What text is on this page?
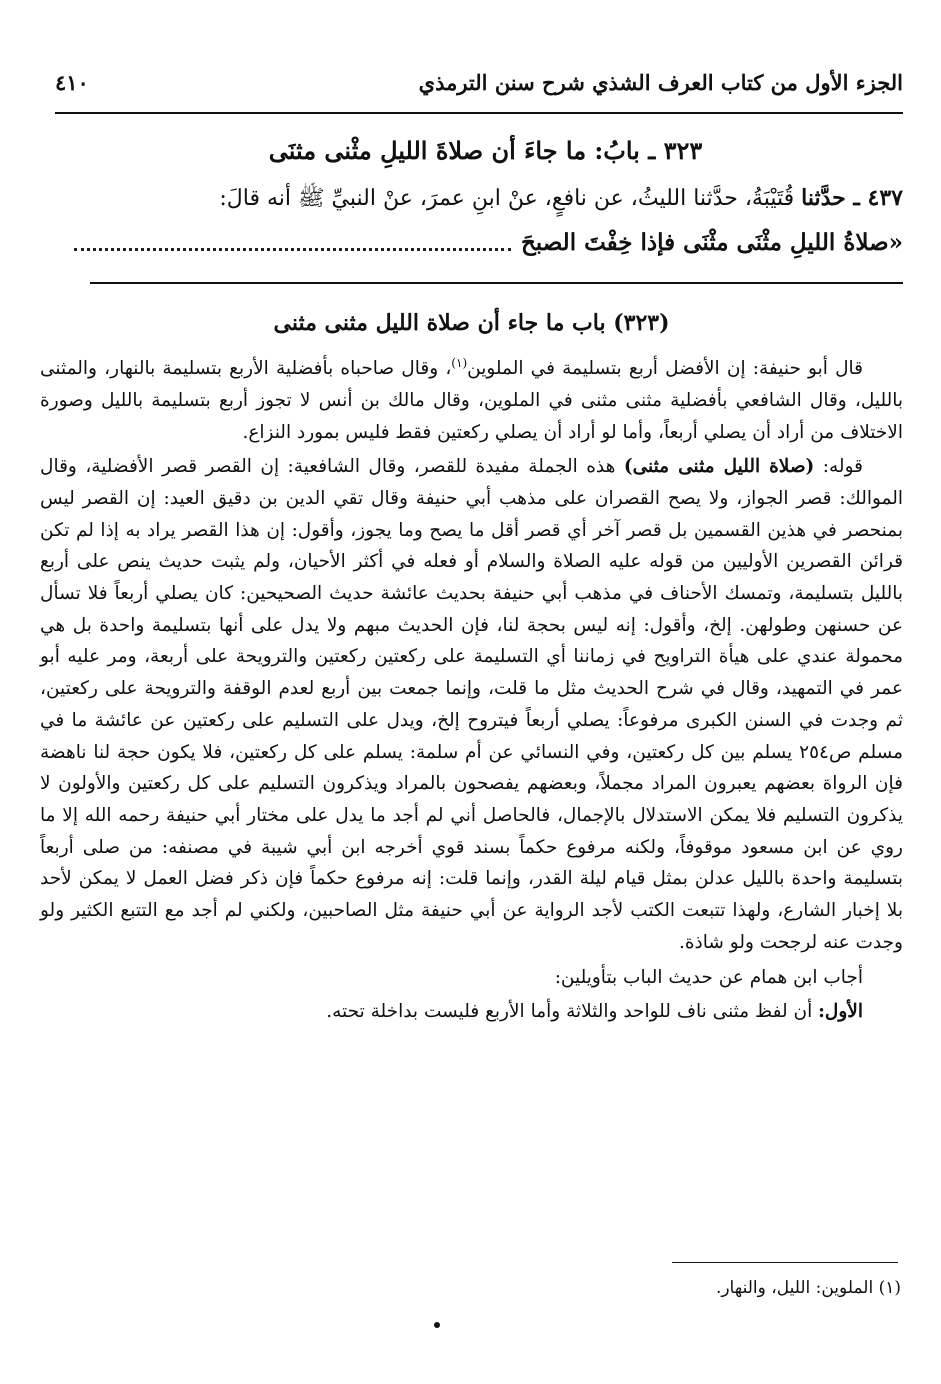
الجزء الأول من كتاب العرف الشذي شرح سنن الترمذي
٤١٠

٣٢٣ ـ بابُ: ما جاءَ أن صلاةَ الليلِ مثْنى مثنَى

٤٣٧ ـ حدَّثنا قُتَيْبَةُ، حدَّثنا الليثُ، عن نافعٍ، عنْ ابنِ عمرَ، عنْ النبيِّ ﷺ أنه قالَ:

«صلاةُ الليلِ مثْنَى مثْنَى فإذا خِفْتَ الصبحَ

(٣٢٣) باب ما جاء أن صلاة الليل مثنى مثنى

قال أبو حنيفة: إن الأفضل أربع بتسليمة في الملوين$^{(١)}$، وقال صاحباه بأفضلية الأربع بتسليمة بالنهار، والمثنى بالليل، وقال الشافعي بأفضلية مثنى مثنى في الملوين، وقال مالك بن أنس لا تجوز أربع بتسليمة بالليل وصورة الاختلاف من أراد أن يصلي أربعاً، وأما لو أراد أن يصلي ركعتين فقط فليس بمورد النزاع.

قوله: (صلاة الليل مثنى مثنى) هذه الجملة مفيدة للقصر، وقال الشافعية: إن القصر قصر الأفضلية، وقال الموالك: قصر الجواز، ولا يصح القصران على مذهب أبي حنيفة وقال تقي الدين بن دقيق العيد: إن القصر ليس بمنحصر في هذين القسمين بل قصر آخر أي قصر أقل ما يصح وما يجوز، وأقول: إن هذا القصر يراد به إذا لم تكن قرائن القصرين الأوليين من قوله عليه الصلاة والسلام أو فعله في أكثر الأحيان، ولم يثبت حديث ينص على أربع بالليل بتسليمة، وتمسك الأحناف في مذهب أبي حنيفة بحديث عائشة حديث الصحيحين: كان يصلي أربعاً فلا تسأل عن حسنهن وطولهن. إلخ، وأقول: إنه ليس بحجة لنا، فإن الحديث مبهم ولا يدل على أنها بتسليمة واحدة بل هي محمولة عندي على هيأة التراويح في زماننا أي التسليمة على ركعتين ركعتين والترويحة على أربعة، ومر عليه أبو عمر في التمهيد، وقال في شرح الحديث مثل ما قلت، وإنما جمعت بين أربع لعدم الوقفة والترويحة على ركعتين، ثم وجدت في السنن الكبرى مرفوعاً: يصلي أربعاً فيتروح إلخ، ويدل على التسليم على ركعتين عن عائشة ما في مسلم ص٢٥٤ يسلم بين كل ركعتين، وفي النسائي عن أم سلمة: يسلم على كل ركعتين، فلا يكون حجة لنا ناهضة فإن الرواة بعضهم يعبرون المراد مجملاً، وبعضهم يفصحون بالمراد ويذكرون التسليم على كل ركعتين والأولون لا يذكرون التسليم فلا يمكن الاستدلال بالإجمال، فالحاصل أني لم أجد ما يدل على مختار أبي حنيفة رحمه الله إلا ما روي عن ابن مسعود موقوفاً، ولكنه مرفوع حكماً بسند قوي أخرجه ابن أبي شيبة في مصنفه: من صلى أربعاً بتسليمة واحدة بالليل عدلن بمثل قيام ليلة القدر، وإنما قلت: إنه مرفوع حكماً فإن ذكر فضل العمل لا يمكن لأحد بلا إخبار الشارع، ولهذا تتبعت الكتب لأجد الرواية عن أبي حنيفة مثل الصاحبين، ولكني لم أجد مع التتبع الكثير ولو وجدت عنه لرجحت ولو شاذة.

أجاب ابن همام عن حديث الباب بتأويلين:

الأول: أن لفظ مثنى ناف للواحد والثلاثة وأما الأربع فليست بداخلة تحته.

(١) الملوين: الليل، والنهار.
